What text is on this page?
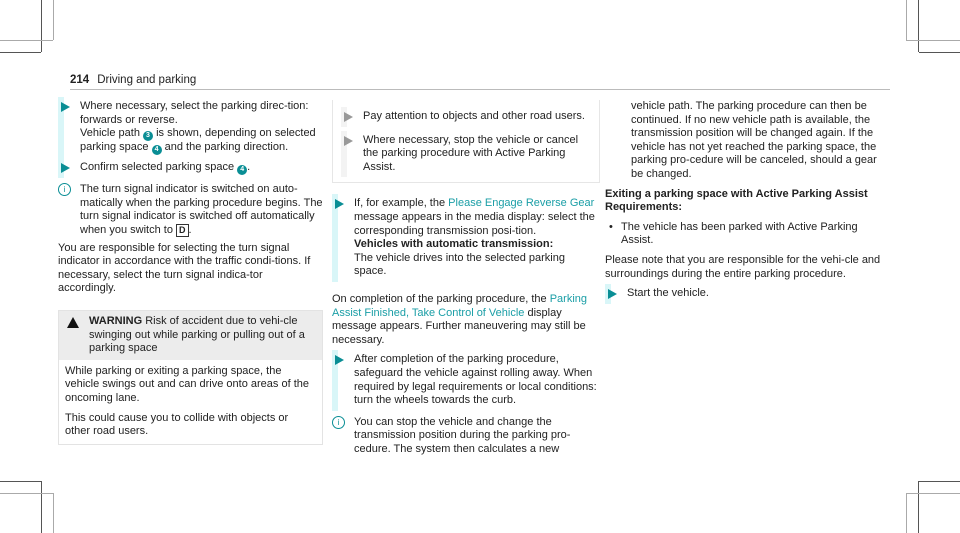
214 Driving and parking
Where necessary, select the parking direc-tion: forwards or reverse.
Vehicle path 3 is shown, depending on selected parking space 4 and the parking direction.
Confirm selected parking space 4 .
i	The turn signal indicator is switched on auto-matically when the parking procedure begins. The turn signal indicator is switched off automatically when you switch to D .

You are responsible for selecting the turn signal indicator in accordance with the traffic condi-tions. If necessary, select the turn signal indica-tor accordingly.

WARNING Risk of accident due to vehi-cle swinging out while parking or pulling out of a parking space

While parking or exiting a parking space, the vehicle swings out and can drive onto areas of the oncoming lane.

This could cause you to collide with objects or other road users.

Pay attention to objects and other road users.
Where necessary, stop the vehicle or cancel the parking procedure with Active Parking Assist.
If, for example, the Please Engage Reverse Gear message appears in the media display: select the corresponding transmission posi-tion.
Vehicles with automatic transmission:
The vehicle drives into the selected parking space.

On completion of the parking procedure, the Parking Assist Finished, Take Control of Vehicle display message appears. Further maneuvering may still be necessary.

After completion of the parking procedure, safeguard the vehicle against rolling away. When required by legal requirements or local conditions: turn the wheels towards the curb.
i	You can stop the vehicle and change the transmission position during the parking pro-cedure. The system then calculates a new

vehicle path. The parking procedure can then be continued. If no new vehicle path is available, the transmission position will be changed again. If the vehicle has not yet reached the parking space, the parking pro-cedure will be canceled, should a gear be changed.

Exiting a parking space with Active Parking Assist
Requirements:
• The vehicle has been parked with Active Parking Assist.

Please note that you are responsible for the vehi-cle and surroundings during the entire parking procedure.

Start the vehicle.
